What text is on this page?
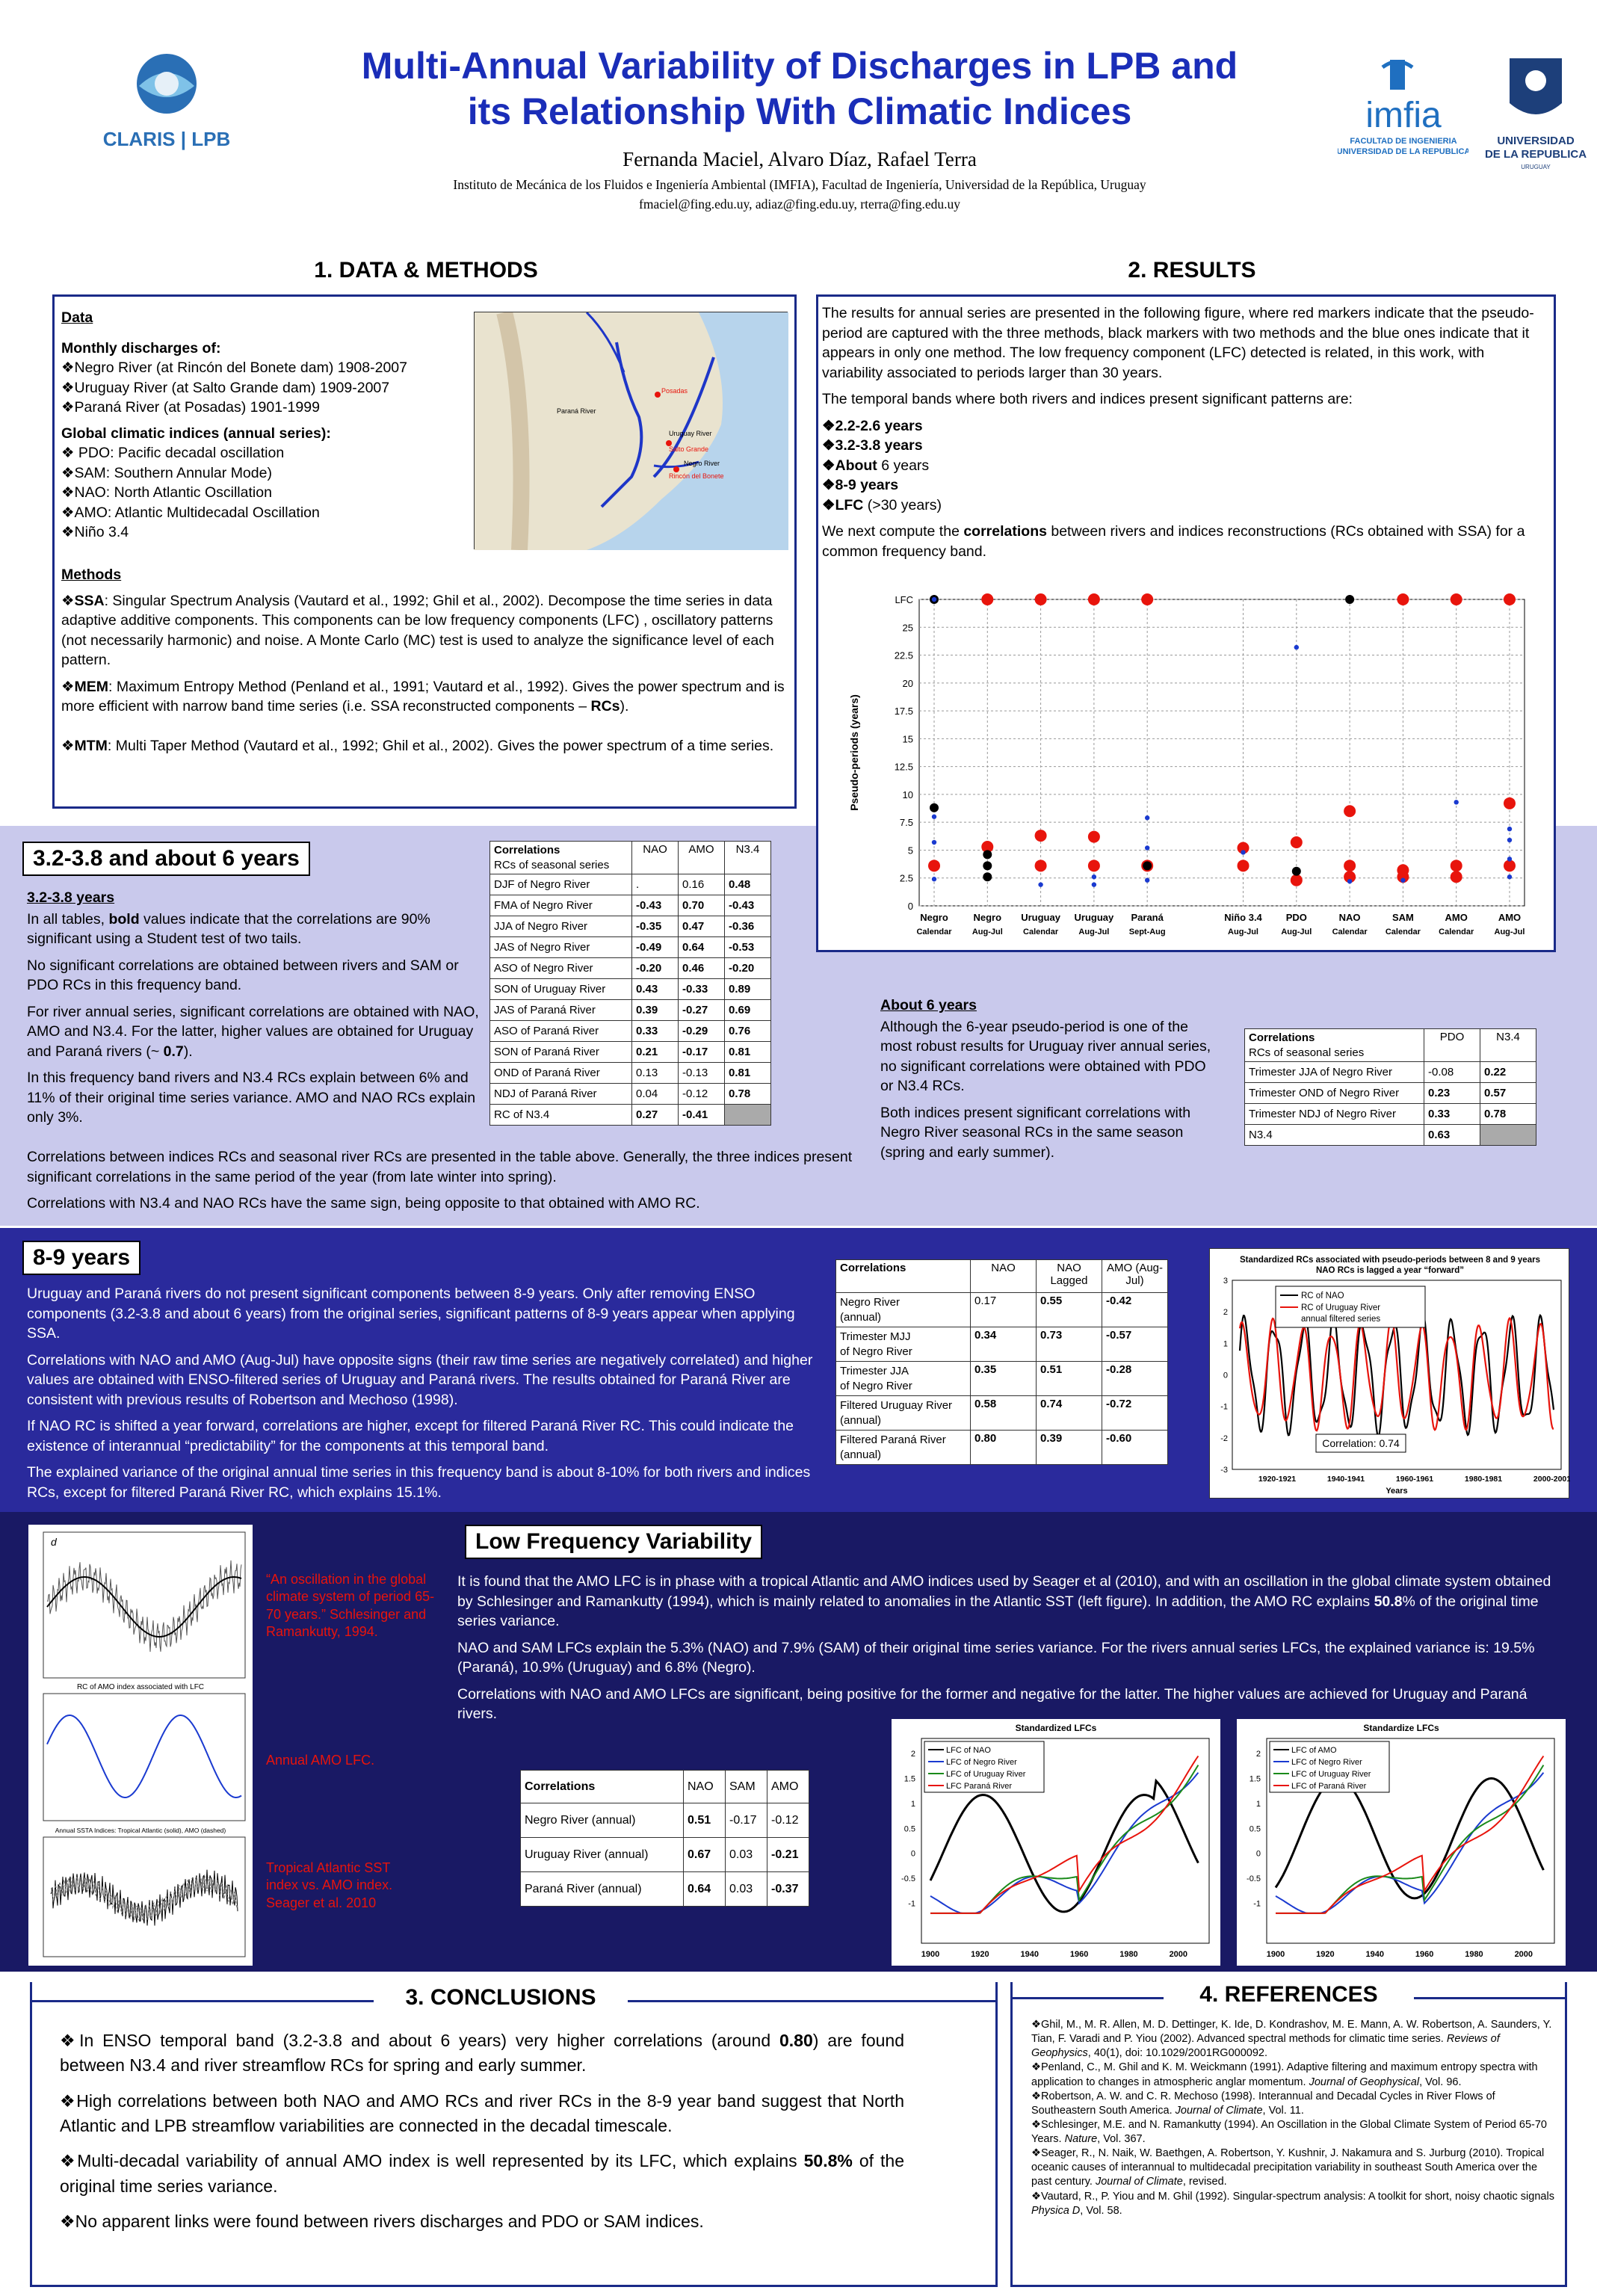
CLARIS | LPB
Multi-Annual Variability of Discharges in LPB and
its Relationship With Climatic Indices
Fernanda Maciel, Alvaro Díaz, Rafael Terra
Instituto de Mecánica de los Fluidos e Ingeniería Ambiental (IMFIA), Facultad de Ingeniería, Universidad de la República, Uruguay
fmaciel@fing.edu.uy, adiaz@fing.edu.uy, rterra@fing.edu.uy
imfia
FACULTAD DE INGENIERIA
UNIVERSIDAD DE LA REPUBLICA
UNIVERSIDAD
DE LA REPUBLICA
URUGUAY
1. DATA & METHODS
Data
Monthly discharges of:
❖Negro River (at Rincón del Bonete dam) 1908-2007
❖Uruguay River (at Salto Grande dam) 1909-2007
❖Paraná River (at Posadas) 1901-1999
Global climatic indices (annual series):
❖ PDO: Pacific decadal oscillation
❖SAM: Southern Annular Mode)
❖NAO: North Atlantic Oscillation
❖AMO: Atlantic Multidecadal Oscillation
❖Niño 3.4
Posadas
Paraná River
Uruguay River
Salto Grande
Negro River
Rincón del Bonete
Methods

❖SSA: Singular Spectrum Analysis (Vautard et al., 1992; Ghil et al., 2002). Decompose the time series in data adaptive additive components. This components can be low frequency components (LFC) , oscillatory patterns (not necessarily harmonic) and noise. A Monte Carlo (MC) test is used to analyze the significance level of each pattern.

❖MEM: Maximum Entropy Method (Penland et al., 1991; Vautard et al., 1992). Gives the power spectrum and is more efficient with narrow band time series (i.e. SSA reconstructed components – RCs).

❖MTM: Multi Taper Method (Vautard et al., 1992; Ghil et al., 2002). Gives the power spectrum of a time series.

2. RESULTS

The results for annual series are presented in the following figure, where red markers indicate that the pseudo-period are captured with the three methods, black markers with two methods and the blue ones indicate that it appears in only one method. The low frequency component (LFC) detected is related, in this work, with variability associated to periods larger than 30 years.

The temporal bands where both rivers and indices present significant patterns are:

❖2.2-2.6 years
❖3.2-3.8 years
❖About 6 years
❖8-9 years
❖LFC (>30 years)

We next compute the correlations between rivers and indices reconstructions (RCs obtained with SSA) for a common frequency band.

0
2.5
5
7.5
10
12.5
15
17.5
20
22.5
25
LFC
Negro
Calendar
Negro
Aug-Jul
Uruguay
Calendar
Uruguay
Aug-Jul
Paraná
Sept-Aug
Niño 3.4
Aug-Jul
PDO
Aug-Jul
NAO
Calendar
SAM
Calendar
AMO
Calendar
AMO
Aug-Jul
Pseudo-periods (years)
3.2-3.8 and about 6 years

3.2-3.8 years

In all tables, bold values indicate that the correlations are 90% significant using a Student test of two tails.

No significant correlations are obtained between rivers and SAM or PDO RCs in this frequency band.

For river annual series, significant correlations are obtained with NAO, AMO and N3.4. For the latter, higher values are obtained for Uruguay and Paraná rivers (~ 0.7).

In this frequency band rivers and N3.4 RCs explain between 6% and 11% of their original time series variance. AMO and NAO RCs explain only 3%.

Correlations between indices RCs and seasonal river RCs are presented in the table above. Generally, the three indices present significant correlations in the same period of the year (from late winter into spring).

Correlations with N3.4 and NAO RCs have the same sign, being opposite to that obtained with AMO RC.

Correlations
RCs of seasonal series	NAO	AMO	N3.4
DJF of Negro River	.	0.16	0.48
FMA of Negro River	-0.43	0.70	-0.43
JJA of Negro River	-0.35	0.47	-0.36
JAS of Negro River	-0.49	0.64	-0.53
ASO of Negro River	-0.20	0.46	-0.20
SON of Uruguay River	0.43	-0.33	0.89
JAS of Paraná River	0.39	-0.27	0.69
ASO of Paraná River	0.33	-0.29	0.76
SON of Paraná River	0.21	-0.17	0.81
OND of Paraná River	0.13	-0.13	0.81
NDJ of Paraná River	0.04	-0.12	0.78
RC of N3.4	0.27	-0.41	

About 6 years

Although the 6-year pseudo-period is one of the most robust results for Uruguay river annual series, no significant correlations were obtained with PDO or N3.4 RCs.

Both indices present significant correlations with Negro River seasonal RCs in the same season (spring and early summer).

Correlations
RCs of seasonal series	PDO	N3.4
Trimester JJA of Negro River	-0.08	0.22
Trimester OND of Negro River	0.23	0.57
Trimester NDJ of Negro River	0.33	0.78
N3.4	0.63	
8-9 years

Uruguay and Paraná rivers do not present significant components between 8-9 years. Only after removing ENSO components (3.2-3.8 and about 6 years) from the original series, significant patterns of 8-9 years appear when applying SSA.

Correlations with NAO and AMO (Aug-Jul) have opposite signs (their raw time series are negatively correlated) and higher values are obtained with ENSO-filtered series of Uruguay and Paraná rivers. The results obtained for Paraná River are consistent with previous results of Robertson and Mechoso (1998).

If NAO RC is shifted a year forward, correlations are higher, except for filtered Paraná River RC. This could indicate the existence of interannual “predictability” for the components at this temporal band.

The explained variance of the original annual time series in this frequency band is about 8-10% for both rivers and indices RCs, except for filtered Paraná River RC, which explains 15.1%.

Correlations	NAO	NAO Lagged	AMO (Aug-Jul)
Negro River
(annual)	0.17	0.55	-0.42
Trimester MJJ
of Negro River	0.34	0.73	-0.57
Trimester JJA
of Negro River	0.35	0.51	-0.28
Filtered Uruguay River
(annual)	0.58	0.74	-0.72
Filtered Paraná River
(annual)	0.80	0.39	-0.60
Standardized RCs associated with pseudo-periods between 8 and 9 years
NAO RCs is lagged a year “forward”
3
2
1
0
-1
-2
-3
1920-1921	1940-1941	1960-1961	1980-1981	2000-2001
Years
RC of NAO
RC of Uruguay River
annual filtered series
Correlation: 0.74
d
RC of AMO index associated with LFC
Annual SSTA Indices: Tropical Atlantic (solid), AMO (dashed)
“An oscillation in the global climate system of period 65-70 years.” Schlesinger and Ramankutty, 1994.
Annual AMO LFC.
Tropical Atlantic SST index vs. AMO index. Seager et al. 2010
Low Frequency Variability

It is found that the AMO LFC is in phase with a tropical Atlantic and AMO indices used by Seager et al (2010), and with an oscillation in the global climate system obtained by Schlesinger and Ramankutty (1994), which is mainly related to anomalies in the Atlantic SST (left figure). In addition, the AMO RC explains 50.8% of the original time series variance.

NAO and SAM LFCs explain the 5.3% (NAO) and 7.9% (SAM) of their original time series variance. For the rivers annual series LFCs, the explained variance is: 19.5% (Paraná), 10.9% (Uruguay) and 6.8% (Negro).

Correlations with NAO and AMO LFCs are significant, being positive for the former and negative for the latter. The higher values are achieved for Uruguay and Paraná rivers.

Correlations	NAO	SAM	AMO
Negro River (annual)	0.51	-0.17	-0.12
Uruguay River (annual)	0.67	0.03	-0.21
Paraná River (annual)	0.64	0.03	-0.37
Standardized LFCs
2
1.5
1
0.5
0
-0.5
-1
1900	1920	1940	1960	1980	2000
LFC of NAO
LFC of Negro River
LFC of Uruguay River
LFC Paraná River
Standardize LFCs
2
1.5
1
0.5
0
-0.5
-1
1900	1920	1940	1960	1980	2000
LFC of AMO
LFC of Negro River
LFC of Uruguay River
LFC of Paraná River
3. CONCLUSIONS

❖In ENSO temporal band (3.2-3.8 and about 6 years) very higher correlations (around 0.80) are found between N3.4 and river streamflow RCs for spring and early summer.

❖High correlations between both NAO and AMO RCs and river RCs in the 8-9 year band suggest that North Atlantic and LPB streamflow variabilities are connected in the decadal timescale.

❖Multi-decadal variability of annual AMO index is well represented by its LFC, which explains 50.8% of the original time series variance.

❖No apparent links were found between rivers discharges and PDO or SAM indices.

4. REFERENCES

❖Ghil, M., M. R. Allen, M. D. Dettinger, K. Ide, D. Kondrashov, M. E. Mann, A. W. Robertson, A. Saunders, Y. Tian, F. Varadi and P. Yiou (2002). Advanced spectral methods for climatic time series. Reviews of Geophysics, 40(1), doi: 10.1029/2001RG000092.

❖Penland, C., M. Ghil and K. M. Weickmann (1991). Adaptive filtering and maximum entropy spectra with application to changes in atmospheric anglar momentum. Journal of Geophysical, Vol. 96.

❖Robertson, A. W. and C. R. Mechoso (1998). Interannual and Decadal Cycles in River Flows of Southeastern South America. Journal of Climate, Vol. 11.

❖Schlesinger, M.E. and N. Ramankutty (1994). An Oscillation in the Global Climate System of Period 65-70 Years. Nature, Vol. 367.

❖Seager, R., N. Naik, W. Baethgen, A. Robertson, Y. Kushnir, J. Nakamura and S. Jurburg (2010). Tropical oceanic causes of interannual to multidecadal precipitation variability in southeast South America over the past century. Journal of Climate, revised.

❖Vautard, R., P. Yiou and M. Ghil (1992). Singular-spectrum analysis: A toolkit for short, noisy chaotic signals Physica D, Vol. 58.
